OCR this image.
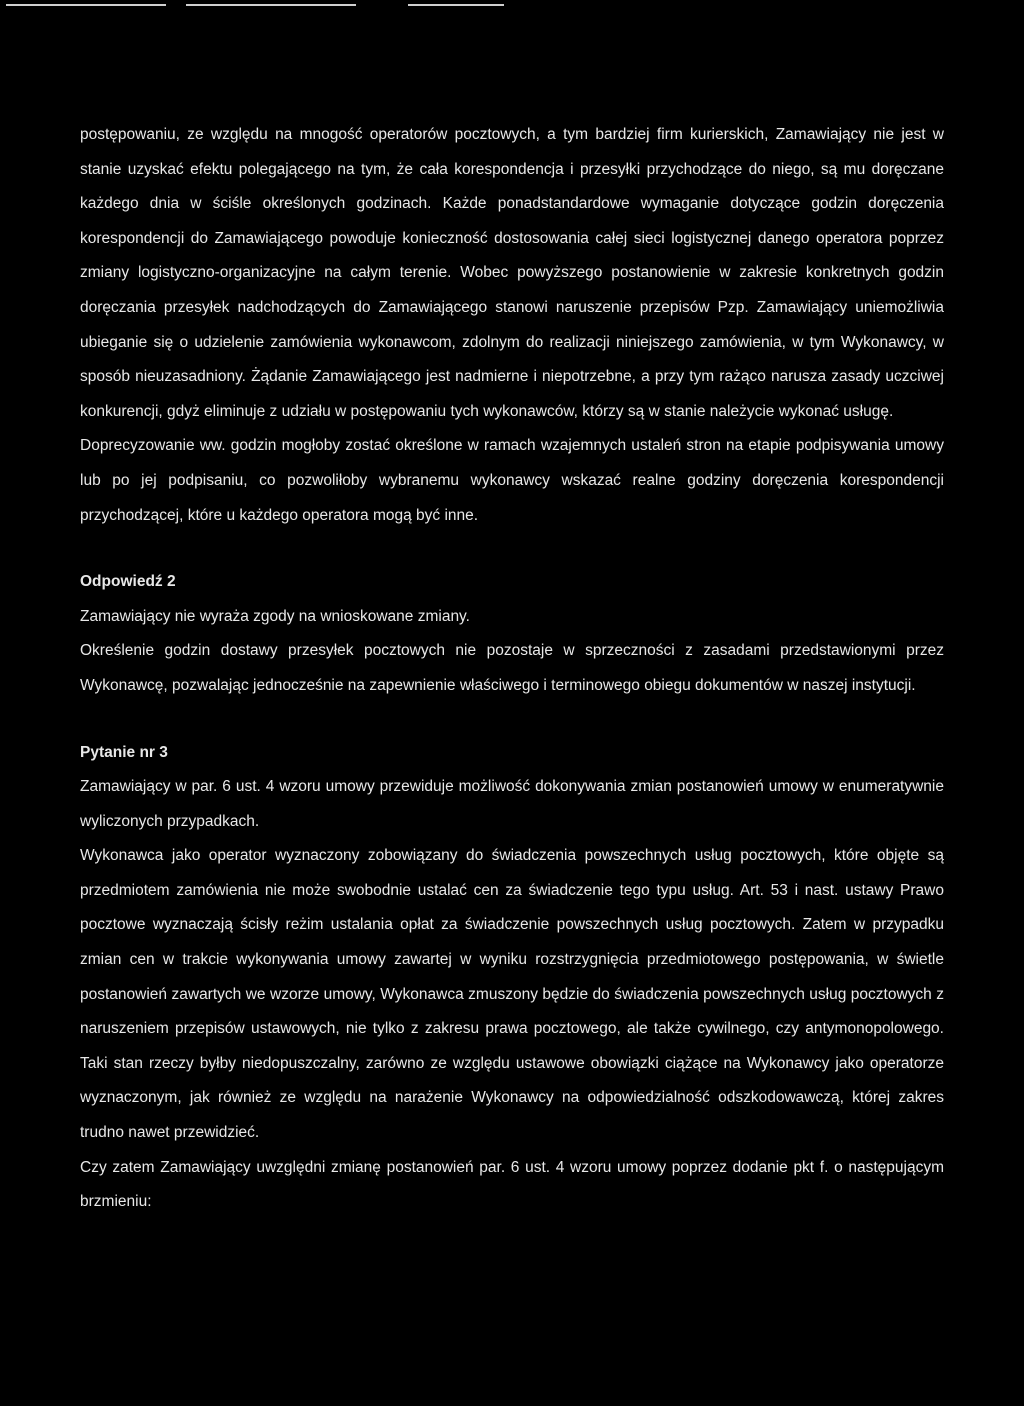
postępowaniu, ze względu na mnogość operatorów pocztowych, a tym bardziej firm kurierskich, Zamawiający nie jest w stanie uzyskać efektu polegającego na tym, że cała korespondencja i przesyłki przychodzące do niego, są mu doręczane każdego dnia w ściśle określonych godzinach. Każde ponadstandardowe wymaganie dotyczące godzin doręczenia korespondencji do Zamawiającego powoduje konieczność dostosowania całej sieci logistycznej danego operatora poprzez zmiany logistyczno-organizacyjne na całym terenie. Wobec powyższego postanowienie w zakresie konkretnych godzin doręczania przesyłek nadchodzących do Zamawiającego stanowi naruszenie przepisów Pzp. Zamawiający uniemożliwia ubieganie się o udzielenie zamówienia wykonawcom, zdolnym do realizacji niniejszego zamówienia, w tym Wykonawcy, w sposób nieuzasadniony. Żądanie Zamawiającego jest nadmierne i niepotrzebne, a przy tym rażąco narusza zasady uczciwej konkurencji, gdyż eliminuje z udziału w postępowaniu tych wykonawców, którzy są w stanie należycie wykonać usługę.

Doprecyzowanie ww. godzin mogłoby zostać określone w ramach wzajemnych ustaleń stron na etapie podpisywania umowy lub po jej podpisaniu, co pozwoliłoby wybranemu wykonawcy wskazać realne godziny doręczenia korespondencji przychodzącej, które u każdego operatora mogą być inne.

Odpowiedź 2

Zamawiający nie wyraża zgody na wnioskowane zmiany.

Określenie godzin dostawy przesyłek pocztowych nie pozostaje w sprzeczności z zasadami przedstawionymi przez Wykonawcę, pozwalając jednocześnie na zapewnienie właściwego i terminowego obiegu dokumentów w naszej instytucji.

Pytanie nr 3

Zamawiający w par. 6 ust. 4 wzoru umowy przewiduje możliwość dokonywania zmian postanowień umowy w enumeratywnie wyliczonych przypadkach.

Wykonawca jako operator wyznaczony zobowiązany do świadczenia powszechnych usług pocztowych, które objęte są przedmiotem zamówienia nie może swobodnie ustalać cen za świadczenie tego typu usług. Art. 53 i nast. ustawy Prawo pocztowe wyznaczają ścisły reżim ustalania opłat za świadczenie powszechnych usług pocztowych. Zatem w przypadku zmian cen w trakcie wykonywania umowy zawartej w wyniku rozstrzygnięcia przedmiotowego postępowania, w świetle postanowień zawartych we wzorze umowy, Wykonawca zmuszony będzie do świadczenia powszechnych usług pocztowych z naruszeniem przepisów ustawowych, nie tylko z zakresu prawa pocztowego, ale także cywilnego, czy antymonopolowego. Taki stan rzeczy byłby niedopuszczalny, zarówno ze względu ustawowe obowiązki ciążące na Wykonawcy jako operatorze wyznaczonym, jak również ze względu na narażenie Wykonawcy na odpowiedzialność odszkodowawczą, której zakres trudno nawet przewidzieć.

Czy zatem Zamawiający uwzględni zmianę postanowień par. 6 ust. 4 wzoru umowy poprzez dodanie pkt f. o następującym brzmieniu:
